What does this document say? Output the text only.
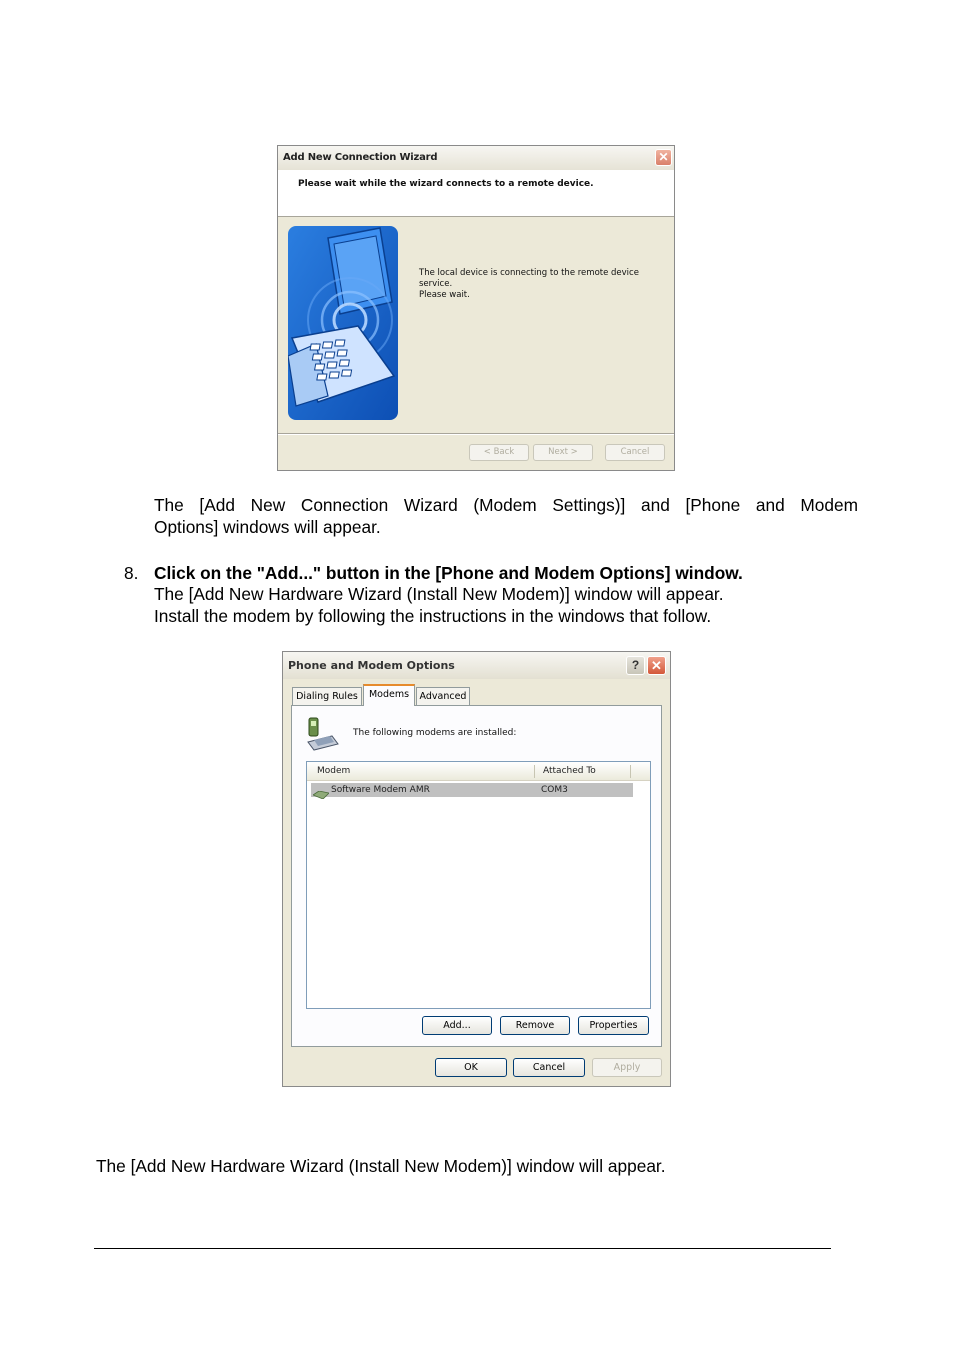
Add New Connection Wizard	✕
Please wait while the wizard connects to a remote device.
The local device is connecting to the remote device
service.
Please wait.
< Back	Next >	Cancel
The [Add New Connection Wizard (Modem Settings)] and [Phone and Modem
Options] windows will appear.
8. Click on the "Add..." button in the [Phone and Modem Options] window.
The [Add New Hardware Wizard (Install New Modem)] window will appear.
Install the modem by following the instructions in the windows that follow.
Phone and Modem Options	? ✕
Dialing Rules	Modems	Advanced
The following modems are installed:
Modem	Attached To
Software Modem AMR	COM3
Add...	Remove	Properties
OK	Cancel	Apply
The [Add New Hardware Wizard (Install New Modem)] window will appear.
